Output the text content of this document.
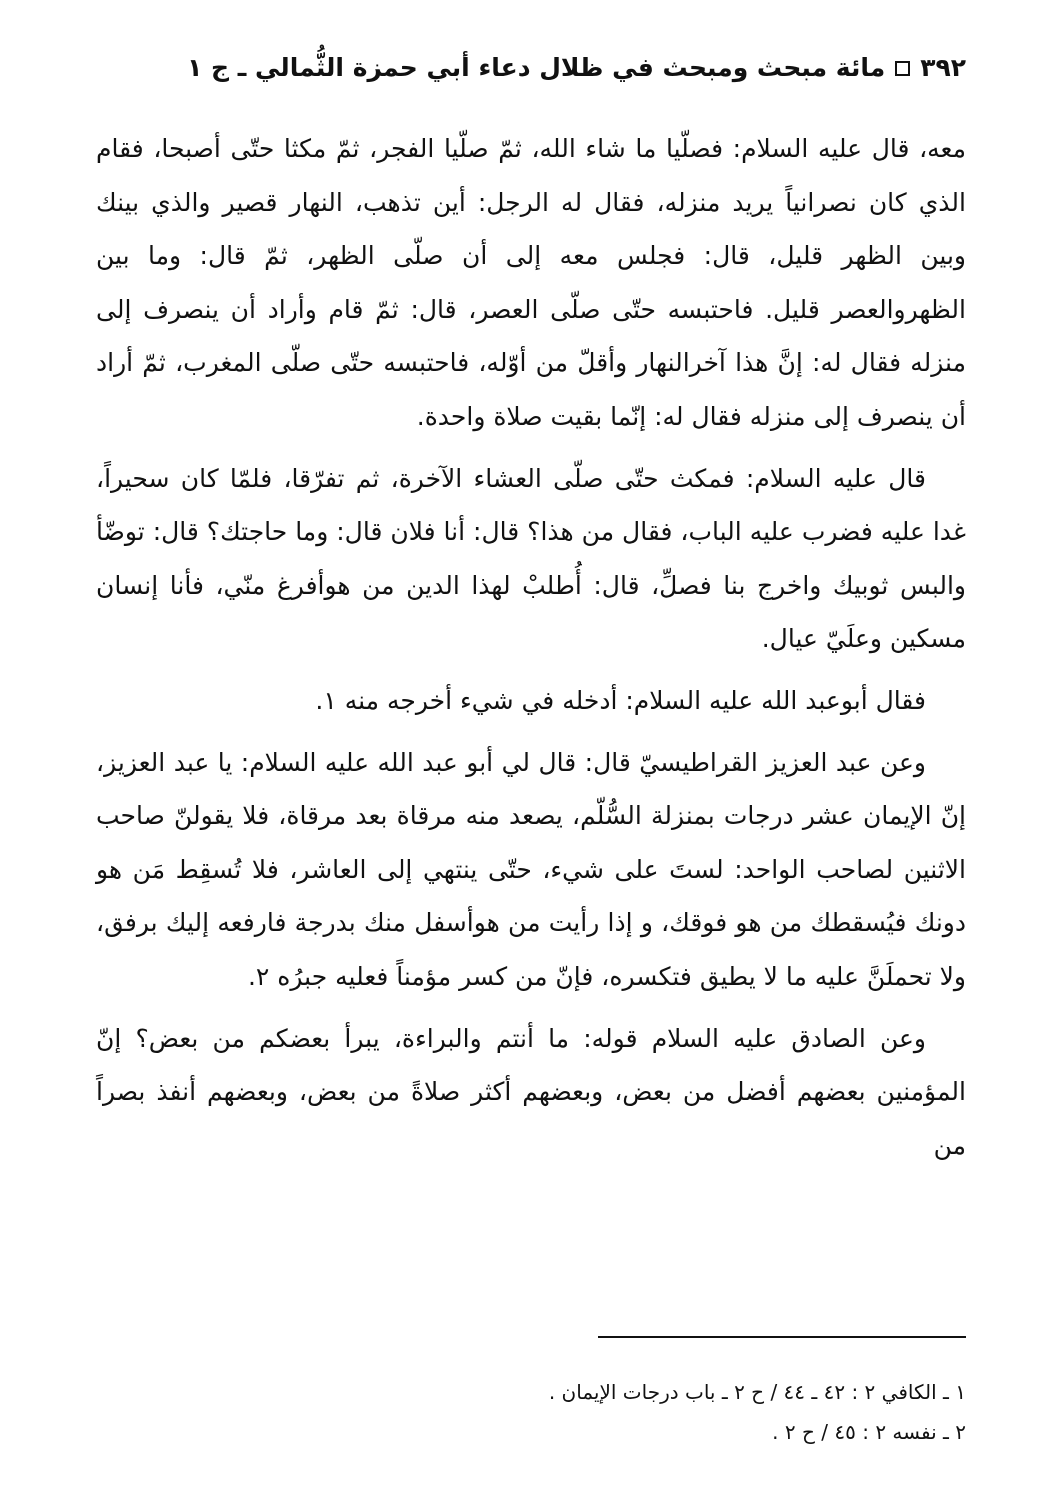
٣٩٢
مائة مبحث ومبحث في ظلال دعاء أبي حمزة الثُّمالي ـ ج ١

معه، قال عليه السلام: فصلّيا ما شاء الله، ثمّ صلّيا الفجر، ثمّ مكثا حتّى أصبحا، فقام الذي كان نصرانياً يريد منزله، فقال له الرجل: أين تذهب، النهار قصير والذي بينك وبين الظهر قليل، قال: فجلس معه إلى أن صلّى الظهر، ثمّ قال: وما بين الظهروالعصر قليل. فاحتبسه حتّى صلّى العصر، قال: ثمّ قام وأراد أن ينصرف إلى منزله فقال له: إنَّ هذا آخرالنهار وأقلّ من أوّله، فاحتبسه حتّى صلّى المغرب، ثمّ أراد أن ينصرف إلى منزله فقال له: إنّما بقيت صلاة واحدة.

قال عليه السلام: فمكث حتّى صلّى العشاء الآخرة، ثم تفرّقا، فلمّا كان سحيراً، غدا عليه فضرب عليه الباب، فقال من هذا؟ قال: أنا فلان قال: وما حاجتك؟ قال: توضّأ والبس ثوبيك واخرج بنا فصلِّ، قال: أُطلبْ لهذا الدين من هوأفرغ منّي، فأنا إنسان مسكين وعلَيّ عيال.

فقال أبوعبد الله عليه السلام: أدخله في شيء أخرجه منه ١.

وعن عبد العزيز القراطيسيّ قال: قال لي أبو عبد الله عليه السلام: يا عبد العزيز، إنّ الإيمان عشر درجات بمنزلة السُّلّم، يصعد منه مرقاة بعد مرقاة، فلا يقولنّ صاحب الاثنين لصاحب الواحد: لستَ على شيء، حتّى ينتهي إلى العاشر، فلا تُسقِط مَن هو دونك فيُسقطك من هو فوقك، و إذا رأيت من هوأسفل منك بدرجة فارفعه إليك برفق، ولا تحملَنَّ عليه ما لا يطيق فتكسره، فإنّ من كسر مؤمناً فعليه جبرُه ٢.

وعن الصادق عليه السلام قوله: ما أنتم والبراءة، يبرأ بعضكم من بعض؟ إنّ المؤمنين بعضهم أفضل من بعض، وبعضهم أكثر صلاةً من بعض، وبعضهم أنفذ بصراً من

١ ـ الكافي ٢ : ٤٢ ـ ٤٤ / ح ٢ ـ باب درجات الإيمان .

٢ ـ نفسه ٢ : ٤٥ / ح ٢ .
